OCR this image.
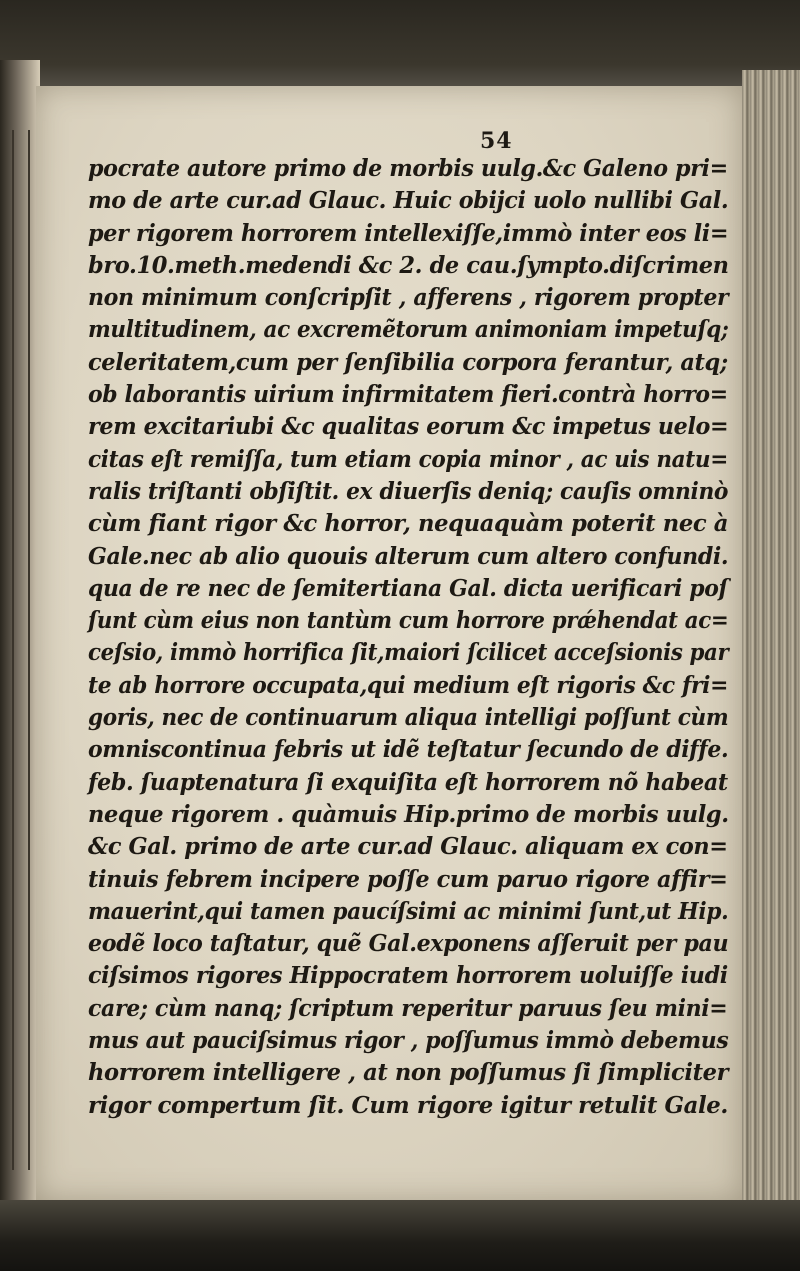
54
pocrate autore primo de morbis uulg.&c Galeno pri=
mo de arte cur.ad Glauc. Huic obijci uolo nullibi Gal.
per rigorem horrorem intellexiſſe,immò inter eos li=
bro.10.meth.medendi &c 2. de cau.ſympto.diſcrimen
non minimum conſcripſit , afferens , rigorem propter
multitudinem, ac excremẽtorum animoniam impetuſq;
celeritatem,cum per ſenſibilia corpora ferantur, atq;
ob laborantis uirium infirmitatem fieri.contrà horro=
rem excitariubi &c qualitas eorum &c impetus uelo=
citas eſt remiſſa, tum etiam copia minor , ac uis natu=
ralis triſtanti obſiſtit. ex diuerſis deniq; cauſis omninò
cùm fiant rigor &c horror, nequaquàm poterit nec à
Gale.nec ab alio quouis alterum cum altero confundi.
qua de re nec de ſemitertiana Gal. dicta uerificari poſ
ſunt cùm eius non tantùm cum horrore prǽhendat ac=
ceſsio, immò horrifica ſit,maiori ſcilicet acceſsionis par
te ab horrore occupata,qui medium eſt rigoris &c fri=
goris, nec de continuarum aliqua intelligi poſſunt cùm
omniscontinua febris ut idẽ teſtatur ſecundo de diffe.
feb. ſuaptenatura ſi exquiſita eſt horrorem nõ habeat
neque rigorem . quàmuis Hip.primo de morbis uulg.
&c Gal. primo de arte cur.ad Glauc. aliquam ex con=
tinuis febrem incipere poſſe cum paruo rigore affir=
mauerint,qui tamen paucíſsimi ac minimi ſunt,ut Hip.
eodẽ loco taſtatur, quẽ Gal.exponens aſſeruit per pau
ciſsimos rigores Hippocratem horrorem uoluiſſe iudi
care; cùm nanq; ſcriptum reperitur paruus ſeu mini=
mus aut pauciſsimus rigor , poſſumus immò debemus
horrorem intelligere , at non poſſumus ſi ſimpliciter
rigor compertum ſit. Cum rigore igitur retulit Gale.
